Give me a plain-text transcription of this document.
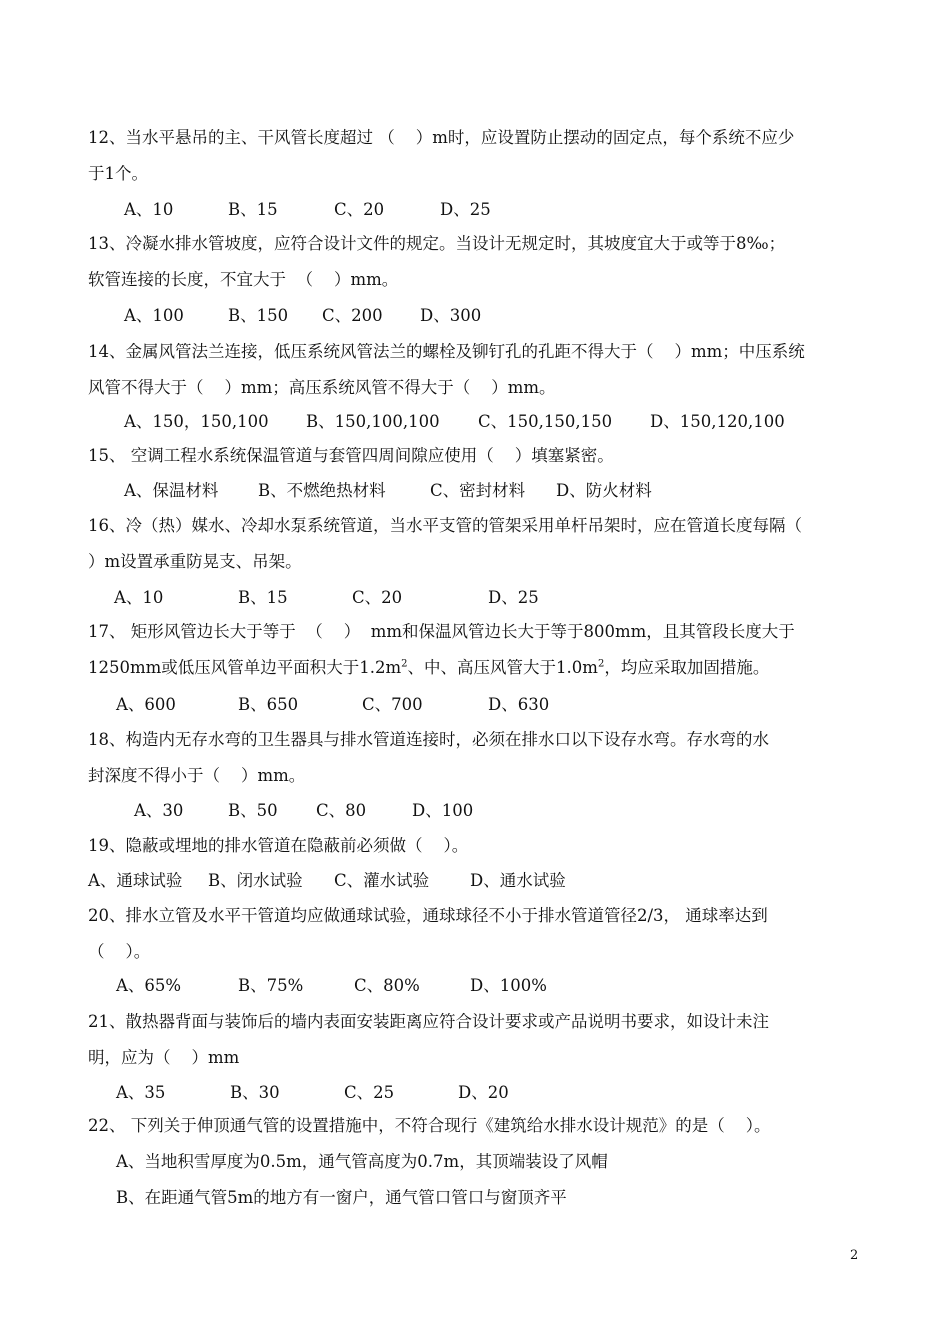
12、当水平悬吊的主、干风管长度超过 （    ）m时，应设置防止摆动的固定点，每个系统不应少
于1个。
A、10	B、15	C、20	D、25
13、冷凝水排水管坡度，应符合设计文件的规定。当设计无规定时，其坡度宜大于或等于8‰；
软管连接的长度，不宜大于  （    ）mm。
A、100	B、150 C、200 D、300
14、金属风管法兰连接，低压系统风管法兰的螺栓及铆钉孔的孔距不得大于（    ）mm；中压系统
风管不得大于（    ）mm；高压系统风管不得大于（    ）mm。
A、150，150,100 B、150,100,100 C、150,150,150 D、150,120,100
15、 空调工程水系统保温管道与套管四周间隙应使用（    ）填塞紧密。
A、保温材料 B、不燃绝热材料	C、密封材料 D、防火材料
16、冷（热）媒水、冷却水泵系统管道，当水平支管的管架采用单杆吊架时，应在管道长度每隔（
）m设置承重防晃支、吊架。
A、10	B、15	C、20	D、25
17、 矩形风管边长大于等于  （    ）  mm和保温风管边长大于等于800mm，且其管段长度大于
1250mm或低压风管单边平面积大于$1.2m^2$、中、高压风管大于$1.0m^2$，均应采取加固措施。
A、600	B、650	C、700	D、630
18、构造内无存水弯的卫生器具与排水管道连接时，必须在排水口以下设存水弯。存水弯的水
封深度不得小于（    ）mm。
A、30	B、50 C、80	D、100
19、隐蔽或埋地的排水管道在隐蔽前必须做（    ）。
A、通球试验 B、闭水试验 C、灌水试验 D、通水试验
20、排水立管及水平干管道均应做通球试验，通球球径不小于排水管道管径2/3， 通球率达到
（    ）。
A、65%	B、75%	C、80%	D、100%
21、散热器背面与装饰后的墙内表面安装距离应符合设计要求或产品说明书要求，如设计未注
明，应为（    ）mm
A、35	B、30	C、25	D、20
22、 下列关于伸顶通气管的设置措施中，不符合现行《建筑给水排水设计规范》的是（    ）。
A、当地积雪厚度为0.5m，通气管高度为0.7m，其顶端装设了风帽
B、在距通气管5m的地方有一窗户，通气管口管口与窗顶齐平
2
